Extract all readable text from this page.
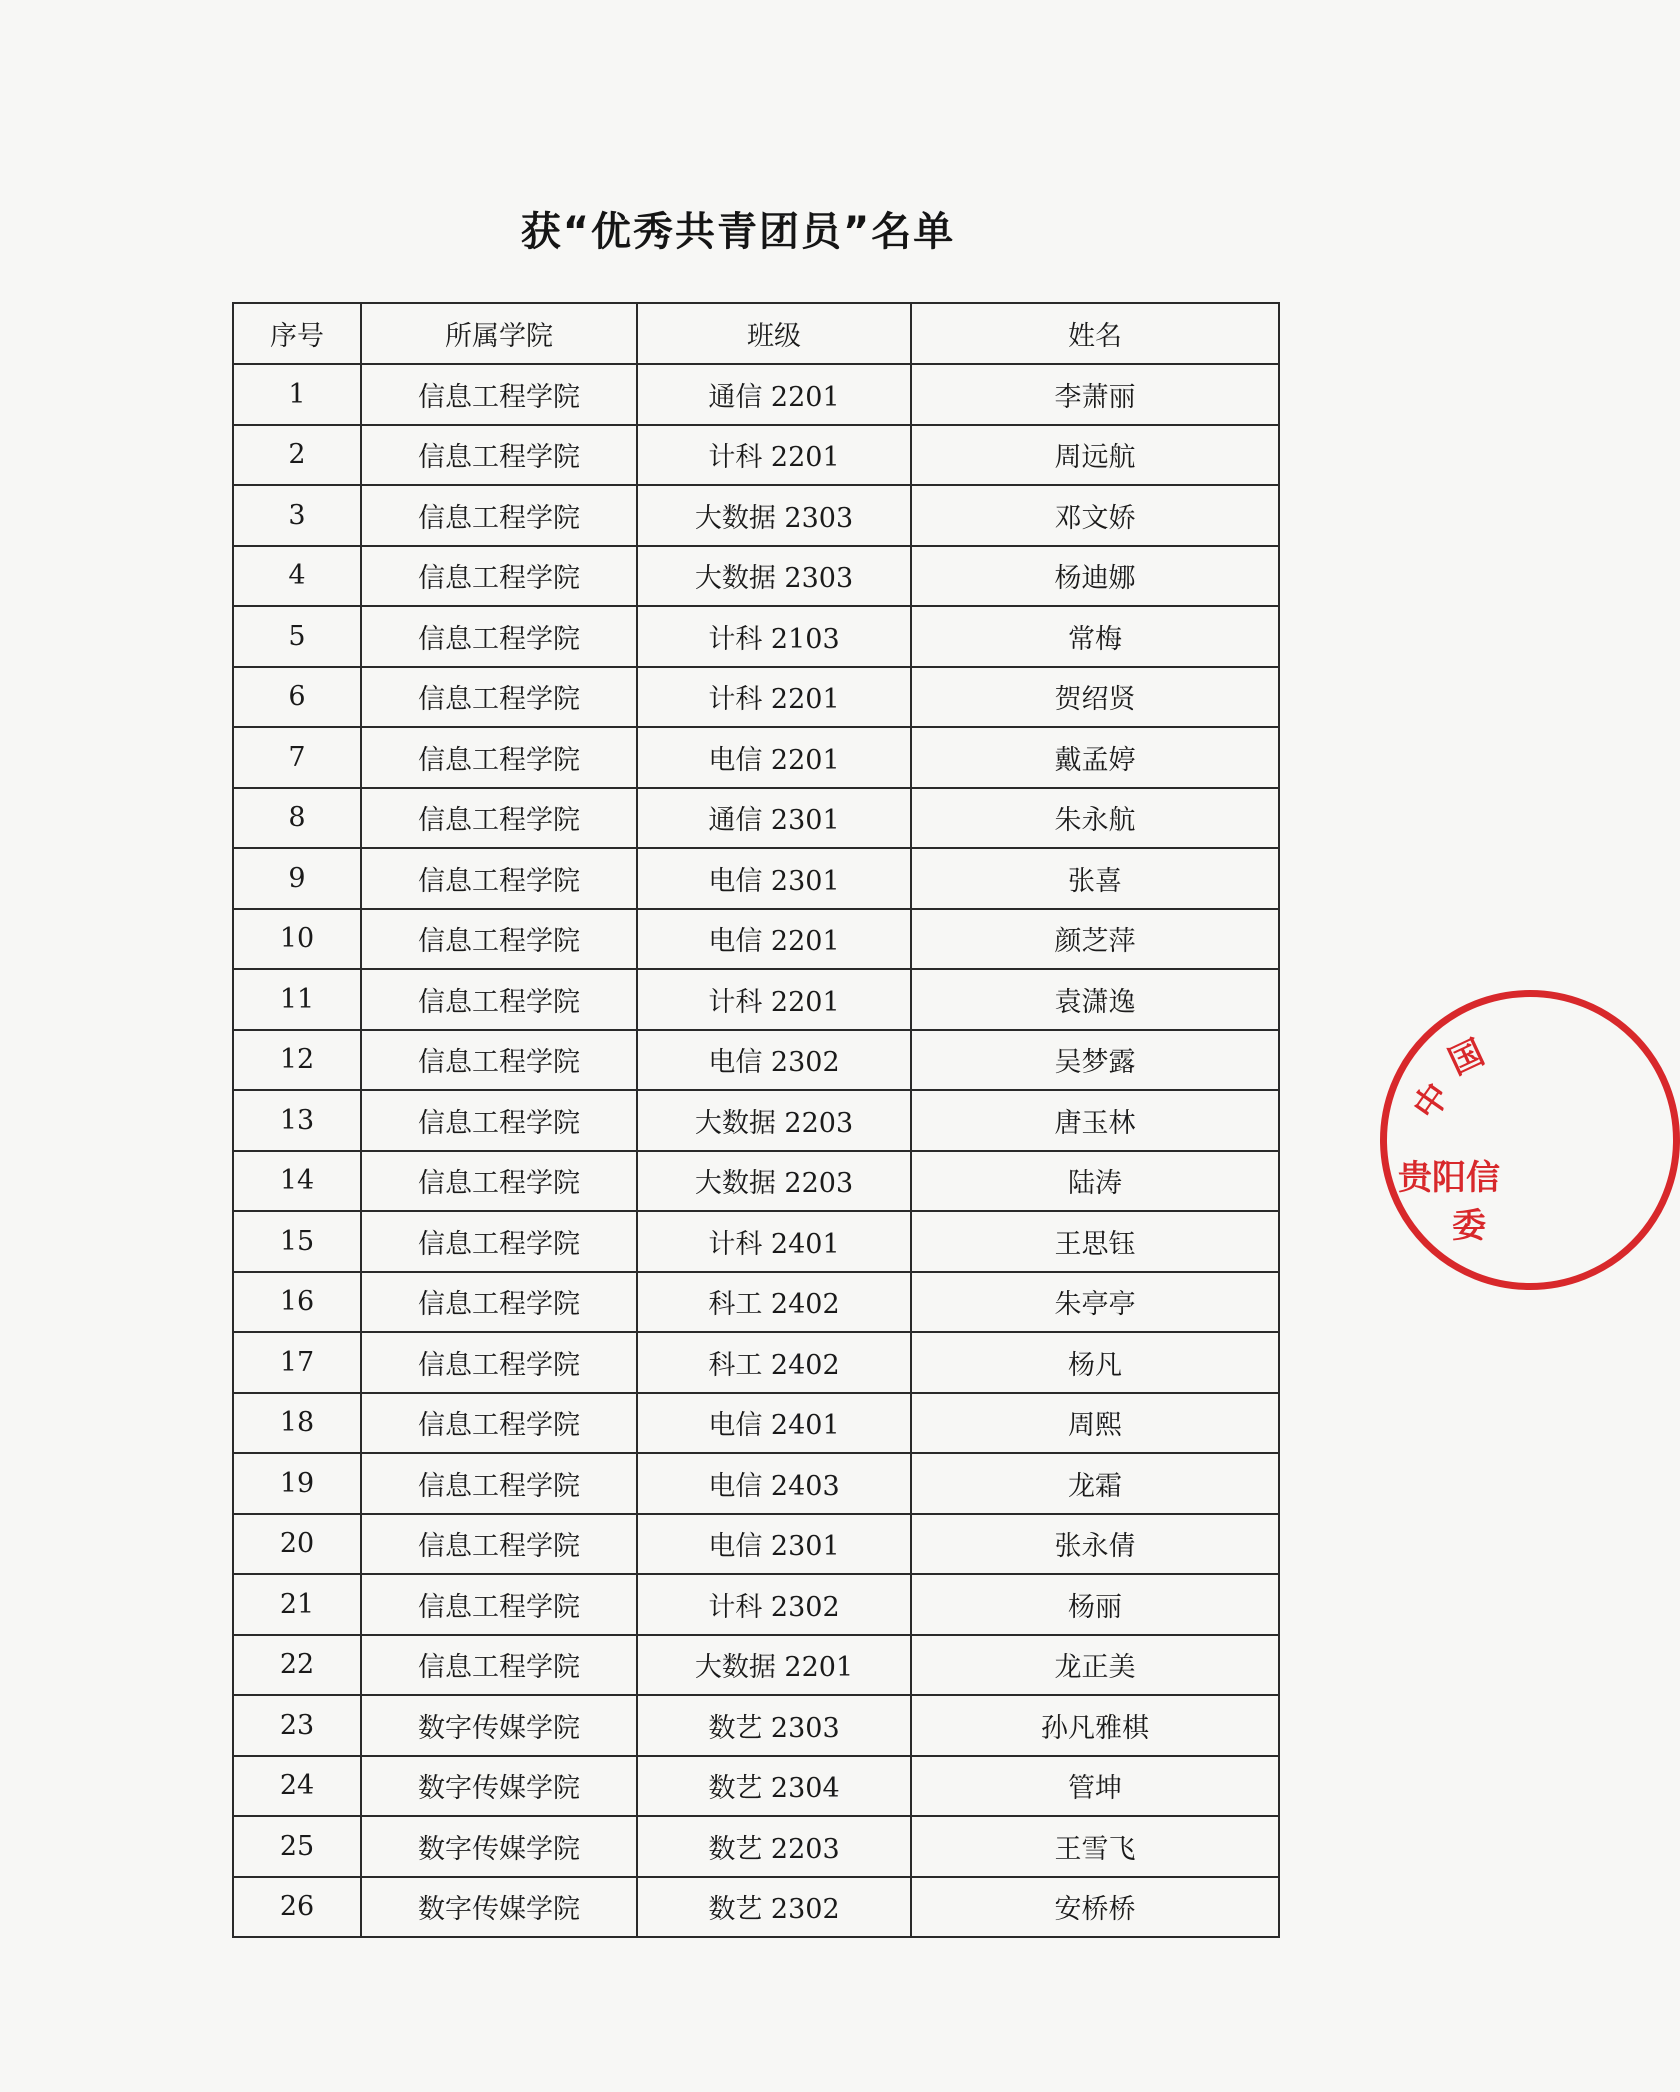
获“优秀共青团员”名单
序号	所属学院	班级	姓名
1	信息工程学院	通信 2201	李萧丽
2	信息工程学院	计科 2201	周远航
3	信息工程学院	大数据 2303	邓文娇
4	信息工程学院	大数据 2303	杨迪娜
5	信息工程学院	计科 2103	常梅
6	信息工程学院	计科 2201	贺绍贤
7	信息工程学院	电信 2201	戴孟婷
8	信息工程学院	通信 2301	朱永航
9	信息工程学院	电信 2301	张喜
10	信息工程学院	电信 2201	颜芝萍
11	信息工程学院	计科 2201	袁潇逸
12	信息工程学院	电信 2302	吴梦露
13	信息工程学院	大数据 2203	唐玉林
14	信息工程学院	大数据 2203	陆涛
15	信息工程学院	计科 2401	王思钰
16	信息工程学院	科工 2402	朱亭亭
17	信息工程学院	科工 2402	杨凡
18	信息工程学院	电信 2401	周熙
19	信息工程学院	电信 2403	龙霜
20	信息工程学院	电信 2301	张永倩
21	信息工程学院	计科 2302	杨丽
22	信息工程学院	大数据 2201	龙正美
23	数字传媒学院	数艺 2303	孙凡雅棋
24	数字传媒学院	数艺 2304	管坤
25	数字传媒学院	数艺 2203	王雪飞
26	数字传媒学院	数艺 2302	安桥桥
中
国
贵阳信
委
